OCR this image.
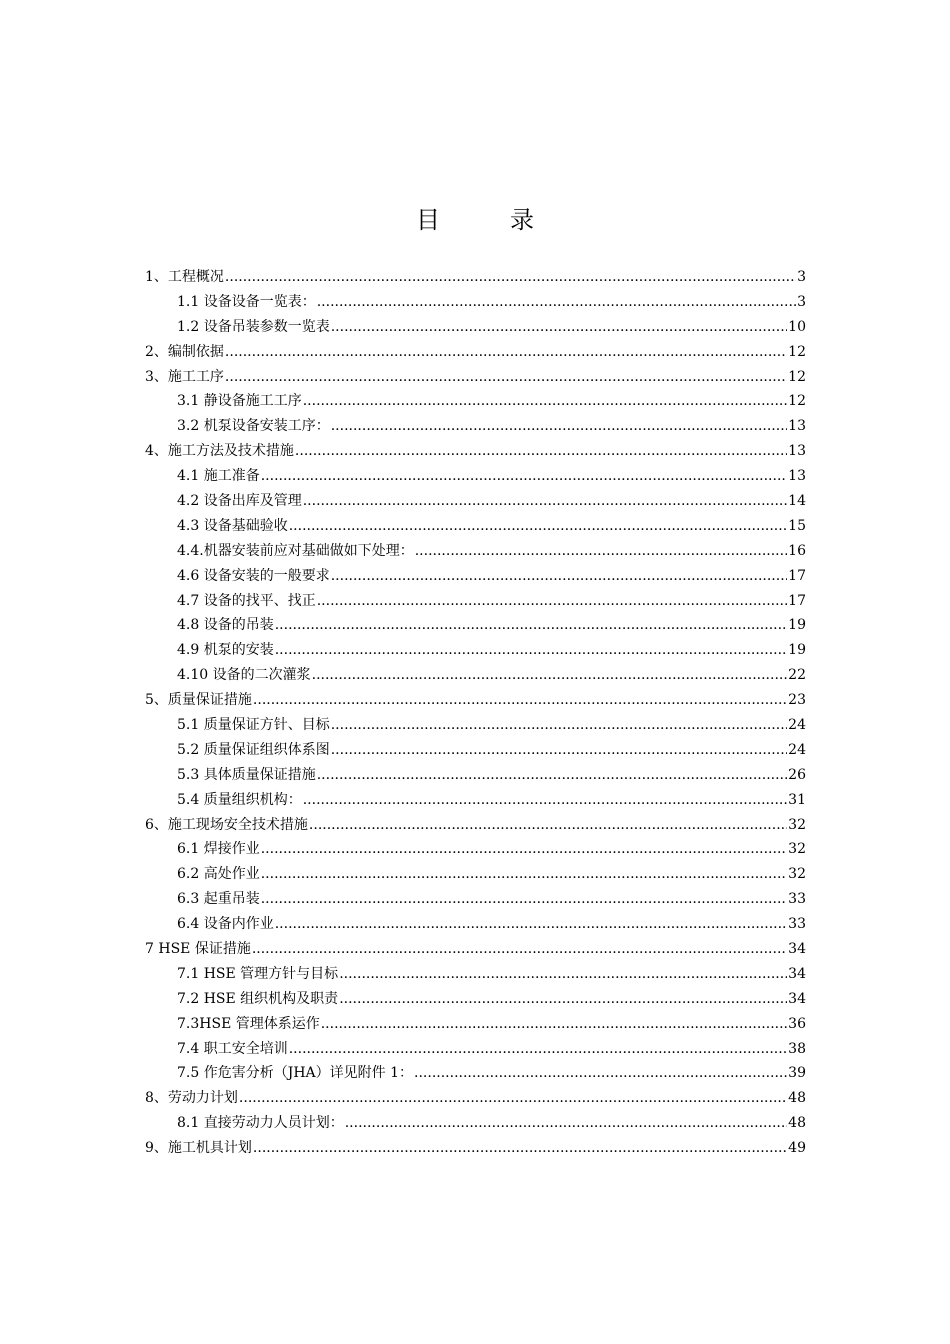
目	录
1、工程概况 .....	3
1.1 设备设备一览表： .....	3
1.2 设备吊装参数一览表 .....	10
2、编制依据 .....	12
3、施工工序 .....	12
3.1 静设备施工工序 .....	12
3.2 机泵设备安装工序： .....	13
4、施工方法及技术措施 .....	13
4.1 施工准备 .....	13
4.2 设备出库及管理 .....	14
4.3 设备基础验收 .....	15
4.4.机器安装前应对基础做如下处理： .....	16
4.6 设备安装的一般要求 .....	17
4.7 设备的找平、找正 .....	17
4.8 设备的吊装 .....	19
4.9 机泵的安装 .....	19
4.10 设备的二次灌浆 .....	22
5、质量保证措施 .....	23
5.1 质量保证方针、目标 .....	24
5.2 质量保证组织体系图 .....	24
5.3 具体质量保证措施 .....	26
5.4 质量组织机构： .....	31
6、施工现场安全技术措施 .....	32
6.1 焊接作业 .....	32
6.2 高处作业 .....	32
6.3 起重吊装 .....	33
6.4 设备内作业 .....	33
7 HSE 保证措施 .....	34
7.1 HSE 管理方针与目标 .....	34
7.2 HSE 组织机构及职责 .....	34
7.3HSE 管理体系运作 .....	36
7.4 职工安全培训 .....	38
7.5 作危害分析（JHA）详见附件 1： .....	39
8、劳动力计划 .....	48
8.1 直接劳动力人员计划： .....	48
9、施工机具计划 .....	49
